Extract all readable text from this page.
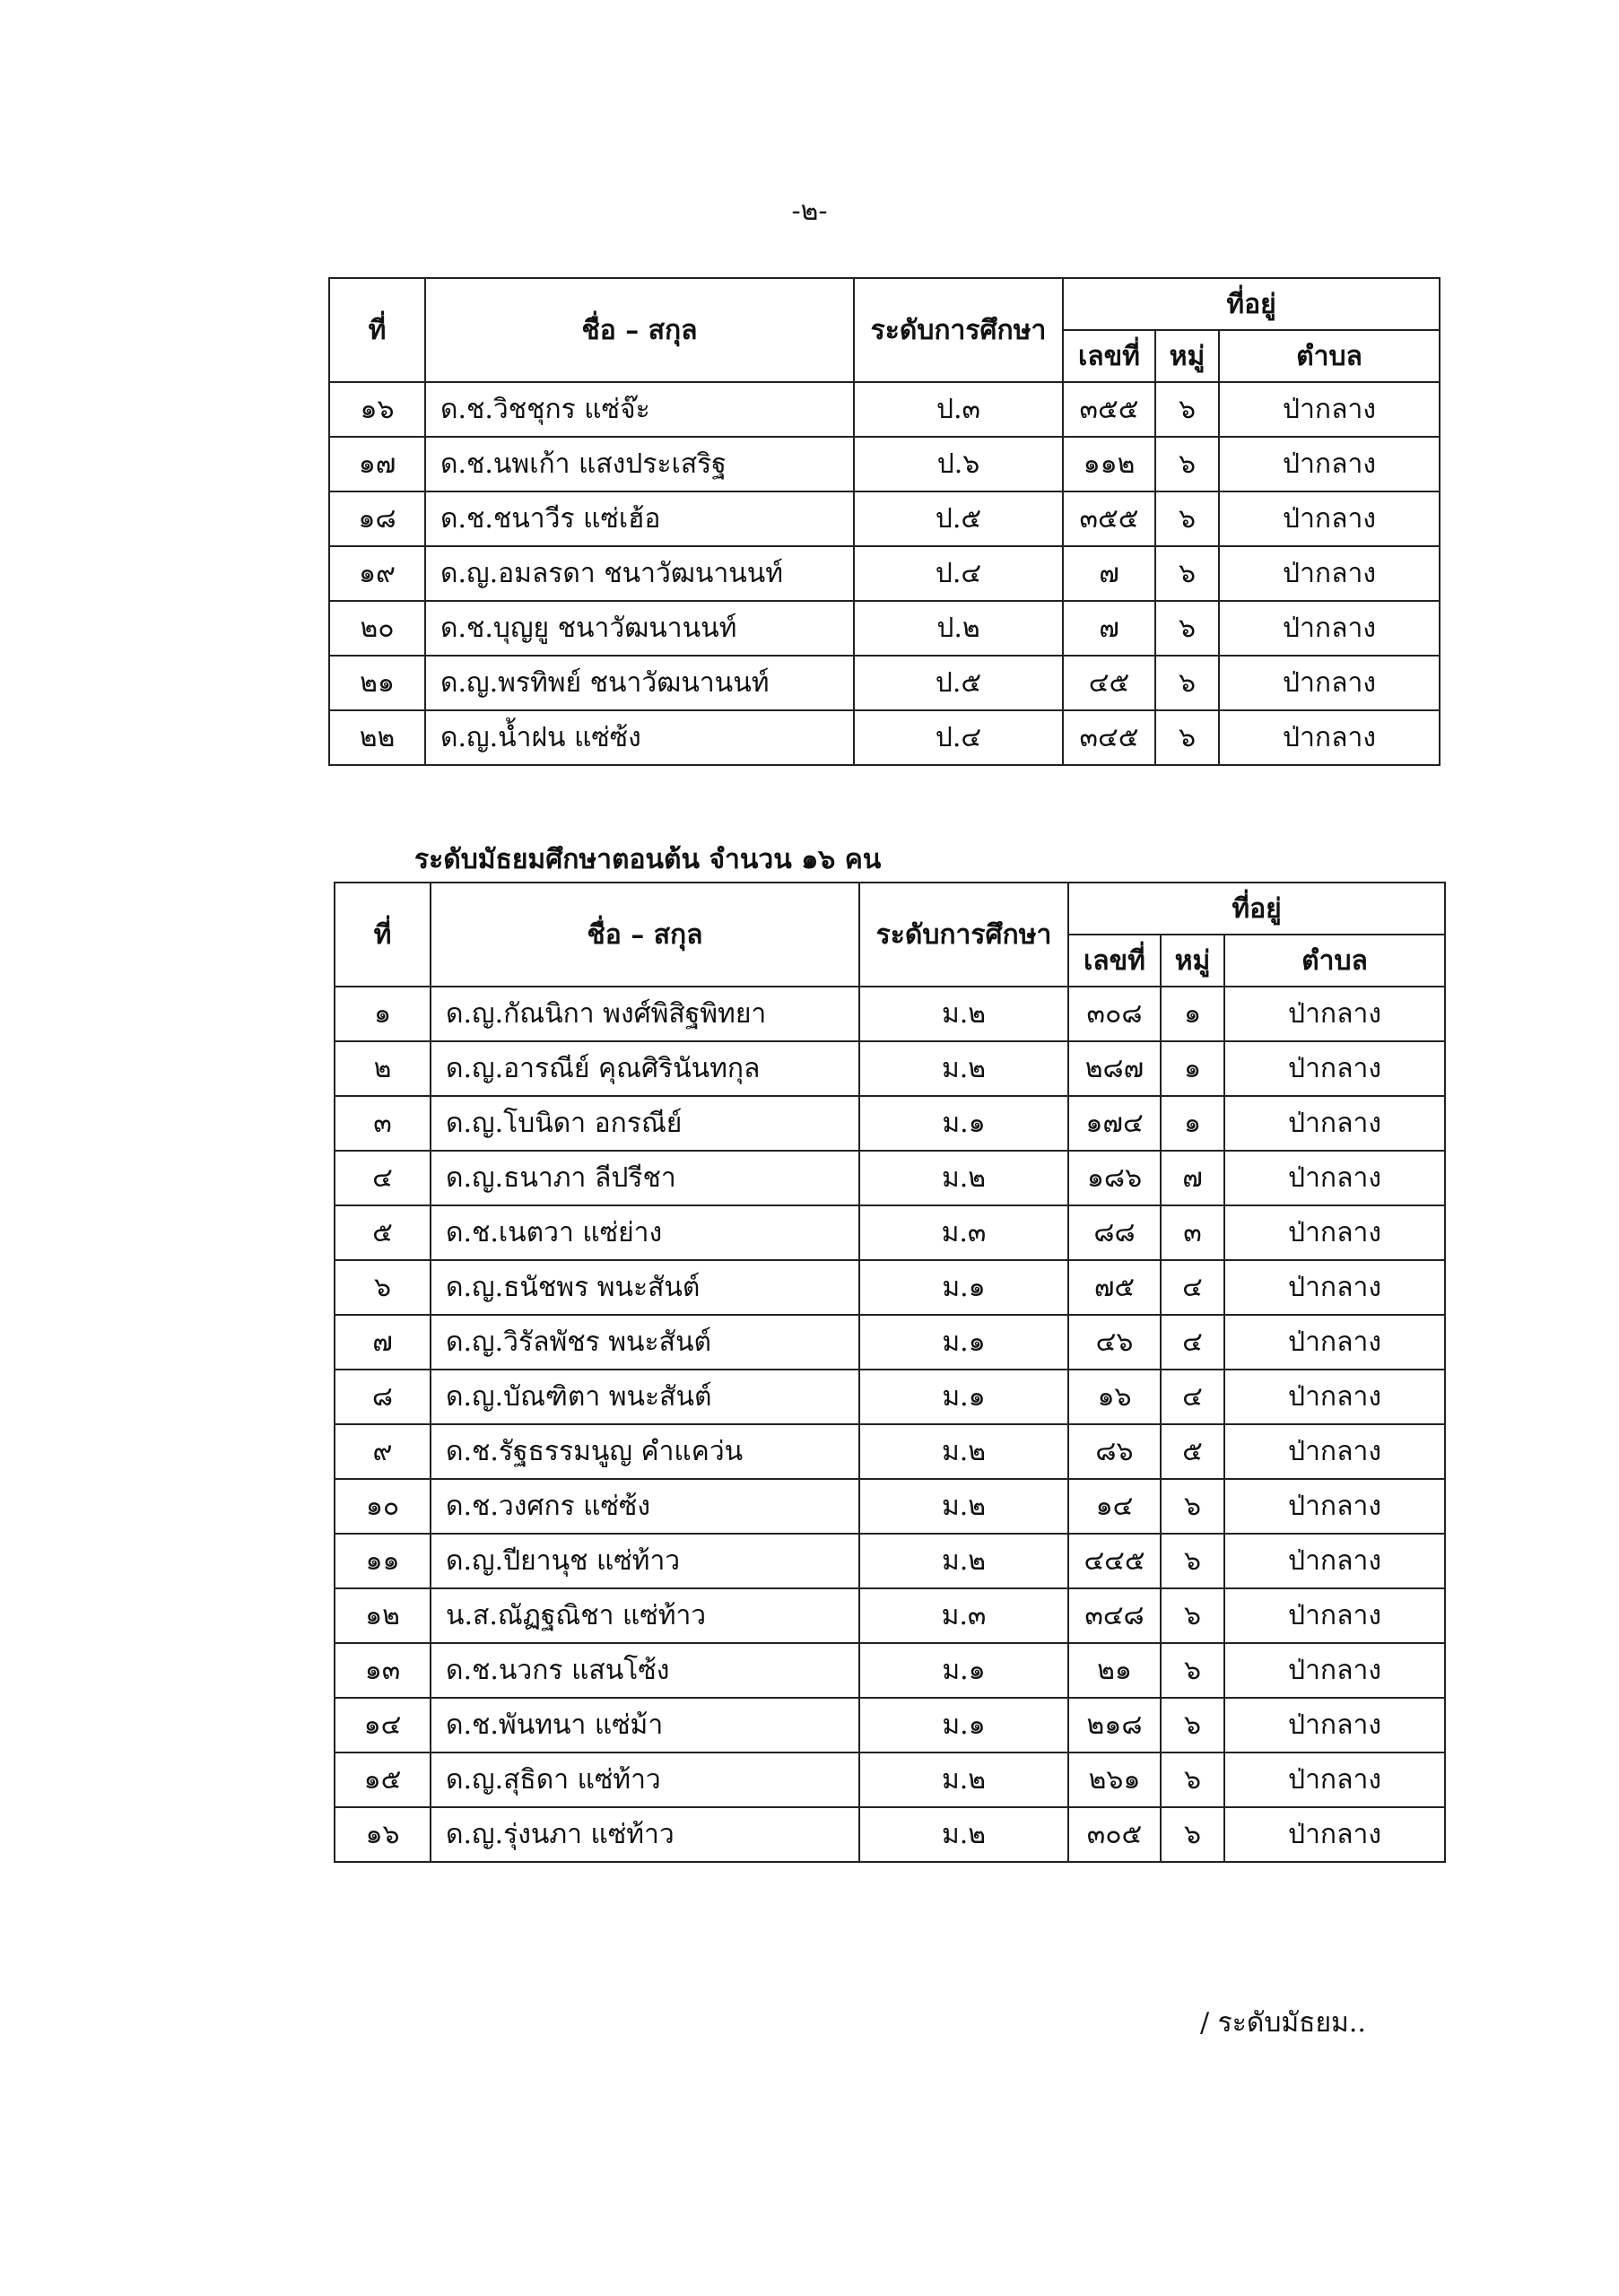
-๒-
ที่	ชื่อ – สกุล	ระดับการศึกษา	ที่อยู่		
			เลขที่	หมู่	ตำบล
๑๖	ด.ช.วิชชุกร แซ่จ๊ะ	ป.๓	๓๕๕	๖	ป่ากลาง
๑๗	ด.ช.นพเก้า แสงประเสริฐ	ป.๖	๑๑๒	๖	ป่ากลาง
๑๘	ด.ช.ชนาวีร แซ่เฮ้อ	ป.๕	๓๕๕	๖	ป่ากลาง
๑๙	ด.ญ.อมลรดา ชนาวัฒนานนท์	ป.๔	๗	๖	ป่ากลาง
๒๐	ด.ช.บุญยู ชนาวัฒนานนท์	ป.๒	๗	๖	ป่ากลาง
๒๑	ด.ญ.พรทิพย์ ชนาวัฒนานนท์	ป.๕	๔๕	๖	ป่ากลาง
๒๒	ด.ญ.น้ำฝน แซ่ซ้ง	ป.๔	๓๔๕	๖	ป่ากลาง
ระดับมัธยมศึกษาตอนต้น จำนวน ๑๖ คน
ที่	ชื่อ – สกุล	ระดับการศึกษา	ที่อยู่		
			เลขที่	หมู่	ตำบล
๑	ด.ญ.กัณนิกา พงศ์พิสิฐพิทยา	ม.๒	๓๐๘	๑	ป่ากลาง
๒	ด.ญ.อารณีย์ คุณศิรินันทกุล	ม.๒	๒๘๗	๑	ป่ากลาง
๓	ด.ญ.โบนิดา อกรณีย์	ม.๑	๑๗๔	๑	ป่ากลาง
๔	ด.ญ.ธนาภา ลีปรีชา	ม.๒	๑๘๖	๗	ป่ากลาง
๕	ด.ช.เนตวา แซ่ย่าง	ม.๓	๘๘	๓	ป่ากลาง
๖	ด.ญ.ธนัชพร พนะสันต์	ม.๑	๗๕	๔	ป่ากลาง
๗	ด.ญ.วิรัลพัชร พนะสันต์	ม.๑	๔๖	๔	ป่ากลาง
๘	ด.ญ.บัณฑิตา พนะสันต์	ม.๑	๑๖	๔	ป่ากลาง
๙	ด.ช.รัฐธรรมนูญ คำแคว่น	ม.๒	๘๖	๕	ป่ากลาง
๑๐	ด.ช.วงศกร แซ่ซ้ง	ม.๒	๑๔	๖	ป่ากลาง
๑๑	ด.ญ.ปียานุช แซ่ท้าว	ม.๒	๔๔๕	๖	ป่ากลาง
๑๒	น.ส.ณัฏฐณิชา แซ่ท้าว	ม.๓	๓๔๘	๖	ป่ากลาง
๑๓	ด.ช.นวกร แสนโซ้ง	ม.๑	๒๑	๖	ป่ากลาง
๑๔	ด.ช.พันทนา แซ่ม้า	ม.๑	๒๑๘	๖	ป่ากลาง
๑๕	ด.ญ.สุธิดา แซ่ท้าว	ม.๒	๒๖๑	๖	ป่ากลาง
๑๖	ด.ญ.รุ่งนภา แซ่ท้าว	ม.๒	๓๐๕	๖	ป่ากลาง
/ ระดับมัธยม..
